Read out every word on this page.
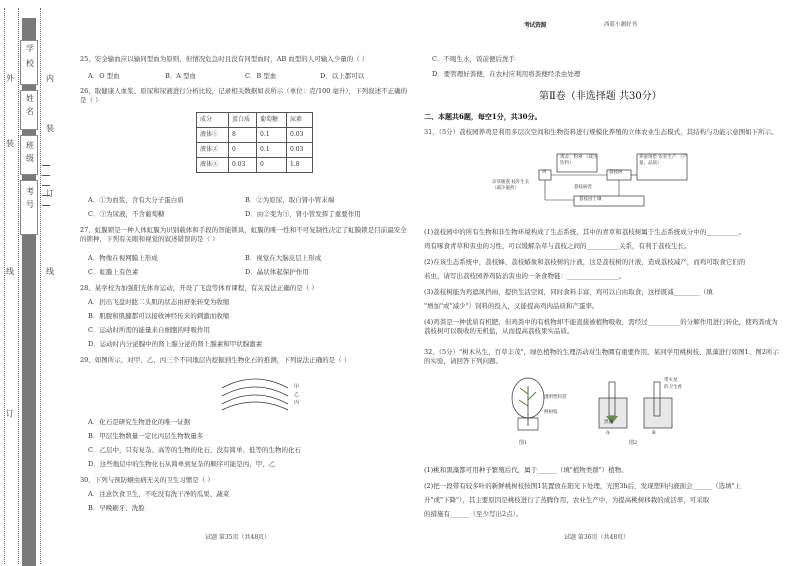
学
校
姓
名
班
级
考
号
外
装
线
订
内
装
订
线
25、安全输血应以输同型血为原则，但情况危急时且没有同型血时，AB 血型的人可输入少量的（ ）
A．O 型血	B．A 型血	C．B 型血	D．以上都可以
26、取健康人血浆、原尿和尿液进行分析比较，记录相关数据如表所示（单位：克/100 毫升），下列叙述不正确的是（ ）
成分	蛋白质	葡萄糖	尿素
液体①	8	0.1	0.03
液体②	0	0.1	0.03
液体③	0.03	0	1.8
A．①为血浆，含有大分子蛋白质	B．②为原尿，取自肾小管末端
C．③为尿液，不含葡萄糖	D．由②变为③，肾小管发挥了重要作用
27、虹膜锁是一种人体虹膜为识别载体和手段的智能锁具，虹膜的唯一性和不可复制性决定了虹膜锁是目前最安全的锁种，下列有关眼和视觉的叙述错误的是（ ）
A．物像在视网膜上形成	B．视觉在大脑皮层上形成
C．虹膜上有色素	D．晶状体起保护作用
28、某学校为加强阳光体育运动，开设了飞盘等体育课程，有关说法正确的是（ ）
A．扔出飞盘时肱二头肌的状态由舒张转变为收缩
B．肌腹和肌腱都可以接收神经传来的刺激而收缩
C．运动时所需的能量来自细胞的呼吸作用
D．运动时内分泌腺中的肾上腺分泌的肾上腺素和甲状腺激素
29、如图所示，对甲、乙、丙三个不同地层内挖掘到生物化石的推测，下列说法正确的是（ ）
甲
乙
丙
A．化石是研究生物进化的唯一证据
B．甲层生物数量一定比丙层生物数量多
C．乙层中，只有复杂、高等的生物的化石，没有简单、低等的生物的化石
D．这些地层中的生物化石从简单到复杂的顺序可能是丙、甲、乙
30、下列与预防蛔虫病无关的卫生习惯是（ ）
A．注意饮食卫生，不吃没有洗干净的瓜果、蔬菜
B．早晚刷牙、洗脸
试题 第35页（共48页）
考试资源	西蓝小测好书
C．不喝生水，饭前便后洗手
D．要管理好粪便，在农村应利用将粪便经杀虫处理
第Ⅱ卷（非选择题 共30分）
二、本题共6题，每空1分，共30分。
31、（5分）荔枝园养鸡是利用多层次空间和生物资料进行规模化养殖的立体农业生态模式，其结构与功能示意图如下所示。
鸡
鸡舍、粉翠 （减少饮料）
荔枝树
养蚕场垫 农业生产 （产量、品质）
荔枝园土壤
杂草随荔 枝叶生长 （减少施药）	荔枝病害
(1)荔枝园中的所有生物和非生物环境构成了生态系统，其中的青草和荔枝树属于生态系统成分中的__________。
鸡有啄食青草和害虫的习性，可以缓解杂草与荔枝之间的__________关系，有利于荔枝生长。
(2)在该生态系统中，荔枝蜂、荔枝蝽象和荔枝树的汁液，这是荔枝树的汁液，造成荔枝减产，而鸡可取食它们的
若虫，请写出荔枝园养鸡防治害虫的一条食物链：________________。
(3)荔枝树能为鸡遮风挡雨，提供生活空间，同时食料丰富，鸡可以自由取食，这样既减________（填
"增加"或"减少"）饲料的投入，又能提高鸡肉品质和产蛋率。
(4)鸡粪是一种优质有机肥，但鸡粪中的有机物却不能直接被植物吸收，需经过__________的分解作用进行转化，使鸡粪成为荔枝树可以吸收的无机盐，从而提高荔枝果实品质。
32、（5分）"树木丛生，百草丰茂"，绿色植物的生理活动对生物圈有重要作用。某同学用桃树枝、黑藻进行如图1、图2所示的实验，请回答下列问题。
透明塑料袋
桃树枝
图1
带火星
的卫生香
黑藻
A	B
图2
(1)桃和黑藻都可用种子繁殖后代，属于______（填"植物类群"）植物。
(2)把一段带有较多叶的新鲜桃树枝按图1装置放在阳光下处理，光照3h后，发现塑料内液面会______（选填"上
升"或"下降"），其主要原因是桃枝进行了蒸腾作用，农业生产中，为提高桃树移栽的成活率，可采取
的措施有______（至少写出2点）。
试题 第36页（共48页）
